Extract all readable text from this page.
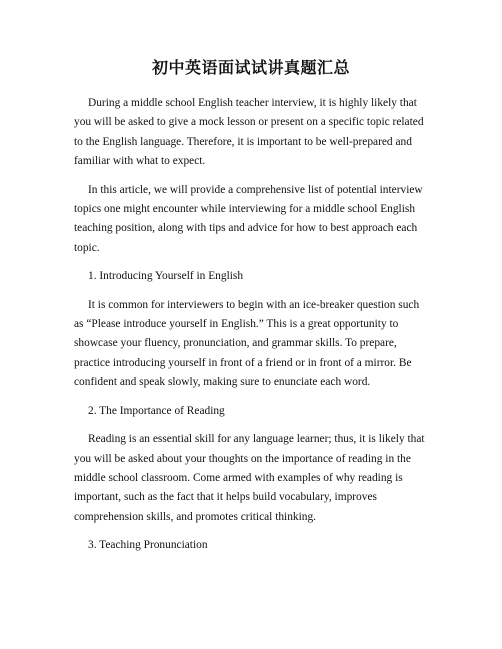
初中英语面试试讲真题汇总

During a middle school English teacher interview, it is highly likely that you will be asked to give a mock lesson or present on a specific topic related to the English language. Therefore, it is important to be well-prepared and familiar with what to expect.

In this article, we will provide a comprehensive list of potential interview topics one might encounter while interviewing for a middle school English teaching position, along with tips and advice for how to best approach each topic.

1. Introducing Yourself in English

It is common for interviewers to begin with an ice-breaker question such as “Please introduce yourself in English.” This is a great opportunity to showcase your fluency, pronunciation, and grammar skills. To prepare, practice introducing yourself in front of a friend or in front of a mirror. Be confident and speak slowly, making sure to enunciate each word.

2. The Importance of Reading

Reading is an essential skill for any language learner; thus, it is likely that you will be asked about your thoughts on the importance of reading in the middle school classroom. Come armed with examples of why reading is important, such as the fact that it helps build vocabulary, improves comprehension skills, and promotes critical thinking.

3. Teaching Pronunciation
